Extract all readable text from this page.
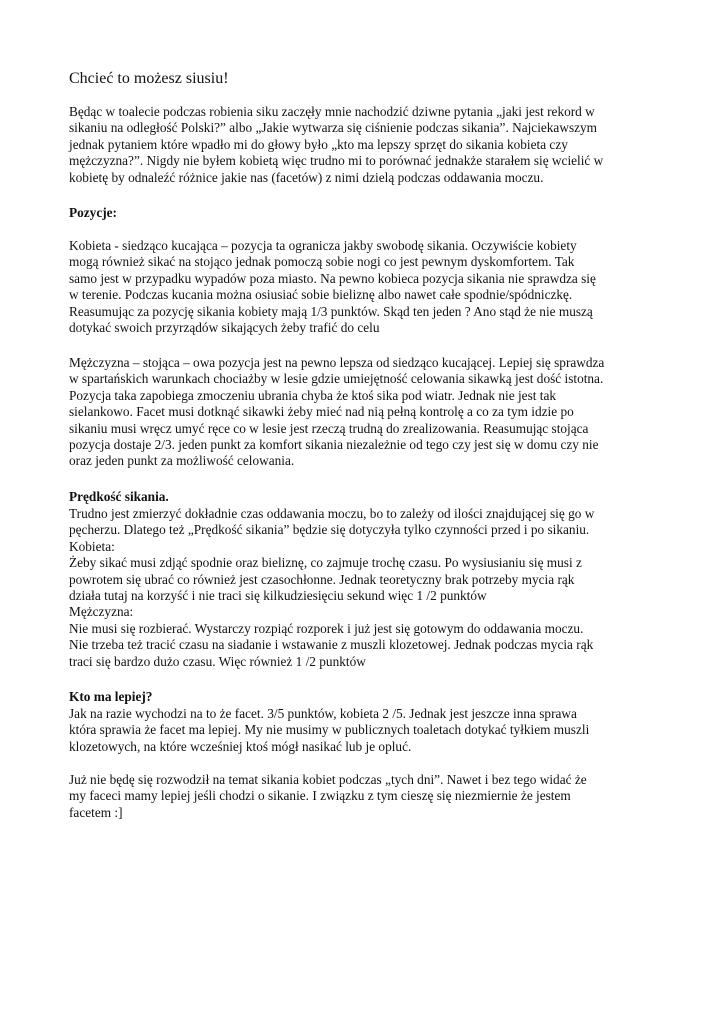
Chcieć to możesz siusiu!
Będąc w toalecie podczas robienia siku zaczęły mnie nachodzić dziwne pytania „jaki jest rekord w
sikaniu na odległość Polski?” albo „Jakie wytwarza się ciśnienie podczas sikania”. Najciekawszym
jednak pytaniem które wpadło mi do głowy było „kto ma lepszy sprzęt do sikania kobieta czy
mężczyzna?”. Nigdy nie byłem kobietą więc trudno mi to porównać jednakże starałem się wcielić w
kobietę by odnaleźć różnice jakie nas (facetów) z nimi dzielą podczas oddawania moczu.
Pozycje:
Kobieta - siedząco kucająca – pozycja ta ogranicza jakby swobodę sikania. Oczywiście kobiety
mogą również sikać na stojąco jednak pomoczą sobie nogi co jest pewnym dyskomfortem. Tak
samo jest w przypadku wypadów poza miasto. Na pewno kobieca pozycja sikania nie sprawdza się
w terenie. Podczas kucania można osiusiać sobie bieliznę albo nawet całe spodnie/spódniczkę.
Reasumując za pozycję sikania kobiety mają 1/3 punktów. Skąd ten jeden ? Ano stąd że nie muszą
dotykać swoich przyrządów sikających żeby trafić do celu
Mężczyzna – stojąca – owa pozycja jest na pewno lepsza od siedząco kucającej. Lepiej się sprawdza
w spartańskich warunkach chociażby w lesie gdzie umiejętność celowania sikawką jest dość istotna.
Pozycja taka zapobiega zmoczeniu ubrania chyba że ktoś sika pod wiatr. Jednak nie jest tak
sielankowo. Facet musi dotknąć sikawki żeby mieć nad nią pełną kontrolę a co za tym idzie po
sikaniu musi wręcz umyć ręce co w lesie jest rzeczą trudną do zrealizowania. Reasumując stojąca
pozycja dostaje 2/3. jeden punkt za komfort sikania niezależnie od tego czy jest się w domu czy nie
oraz jeden punkt za możliwość celowania.
Prędkość sikania.
Trudno jest zmierzyć dokładnie czas oddawania moczu, bo to zależy od ilości znajdującej się go w
pęcherzu. Dlatego też „Prędkość sikania” będzie się dotyczyła tylko czynności przed i po sikaniu.
Kobieta:
Żeby sikać musi zdjąć spodnie oraz bieliznę, co zajmuje trochę czasu. Po wysiusianiu się musi z
powrotem się ubrać co również jest czasochłonne. Jednak teoretyczny brak potrzeby mycia rąk
działa tutaj na korzyść i nie traci się kilkudziesięciu sekund więc 1 /2 punktów
Mężczyzna:
Nie musi się rozbierać. Wystarczy rozpiąć rozporek i już jest się gotowym do oddawania moczu.
Nie trzeba też tracić czasu na siadanie i wstawanie z muszli klozetowej. Jednak podczas mycia rąk
traci się bardzo dużo czasu. Więc również 1 /2 punktów
Kto ma lepiej?
Jak na razie wychodzi na to że facet. 3/5 punktów, kobieta 2 /5. Jednak jest jeszcze inna sprawa
która sprawia że facet ma lepiej. My nie musimy w publicznych toaletach dotykać tyłkiem muszli
klozetowych, na które wcześniej ktoś mógł nasikać lub je opluć.
Już nie będę się rozwodził na temat sikania kobiet podczas „tych dni”. Nawet i bez tego widać że
my faceci mamy lepiej jeśli chodzi o sikanie. I związku z tym cieszę się niezmiernie że jestem
facetem :]
